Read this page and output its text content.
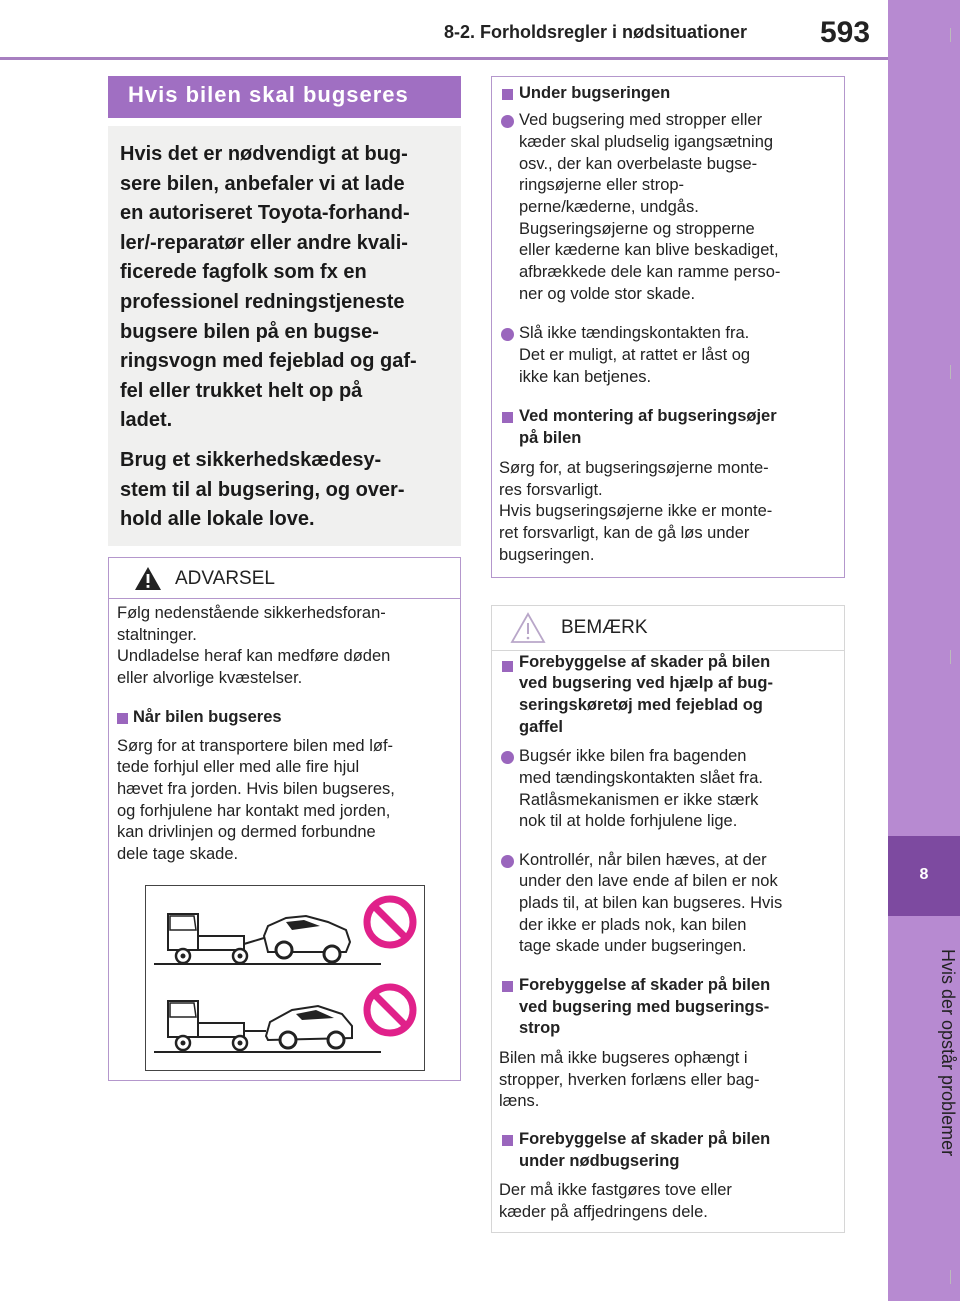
8-2. Forholdsregler i nødsituationer 593
8
Hvis der opstår problemer
Hvis bilen skal bugseres

Hvis det er nødvendigt at bug-

sere bilen, anbefaler vi at lade

en autoriseret Toyota-forhand-

ler/-reparatør eller andre kvali-

ficerede fagfolk som fx en

professionel redningstjeneste

bugsere bilen på en bugse-

ringsvogn med fejeblad og gaf-

fel eller trukket helt op på

ladet.

Brug et sikkerhedskædesy-

stem til al bugsering, og over-

hold alle lokale love.

ADVARSEL

Følg nedenstående sikkerhedsforan-

staltninger.

Undladelse heraf kan medføre døden

eller alvorlige kvæstelser.

Når bilen bugseres

Sørg for at transportere bilen med løf-

tede forhjul eller med alle fire hjul

hævet fra jorden. Hvis bilen bugseres,

og forhjulene har kontakt med jorden,

kan drivlinjen og dermed forbundne

dele tage skade.

Under bugseringen

Ved bugsering med stropper eller

kæder skal pludselig igangsætning

osv., der kan overbelaste bugse-

ringsøjerne eller strop-

perne/kæderne, undgås.

Bugseringsøjerne og stropperne

eller kæderne kan blive beskadiget,

afbrækkede dele kan ramme perso-

ner og volde stor skade.

Slå ikke tændingskontakten fra.

Det er muligt, at rattet er låst og

ikke kan betjenes.

Ved montering af bugseringsøjer

på bilen

Sørg for, at bugseringsøjerne monte-

res forsvarligt.

Hvis bugseringsøjerne ikke er monte-

ret forsvarligt, kan de gå løs under

bugseringen.

BEMÆRK

Forebyggelse af skader på bilen

ved bugsering ved hjælp af bug-

seringskøretøj med fejeblad og

gaffel

Bugsér ikke bilen fra bagenden

med tændingskontakten slået fra.

Ratlåsmekanismen er ikke stærk

nok til at holde forhjulene lige.

Kontrollér, når bilen hæves, at der

under den lave ende af bilen er nok

plads til, at bilen kan bugseres. Hvis

der ikke er plads nok, kan bilen

tage skade under bugseringen.

Forebyggelse af skader på bilen

ved bugsering med bugserings-

strop

Bilen må ikke bugseres ophængt i

stropper, hverken forlæns eller bag-

læns.

Forebyggelse af skader på bilen

under nødbugsering

Der må ikke fastgøres tove eller

kæder på affjedringens dele.
